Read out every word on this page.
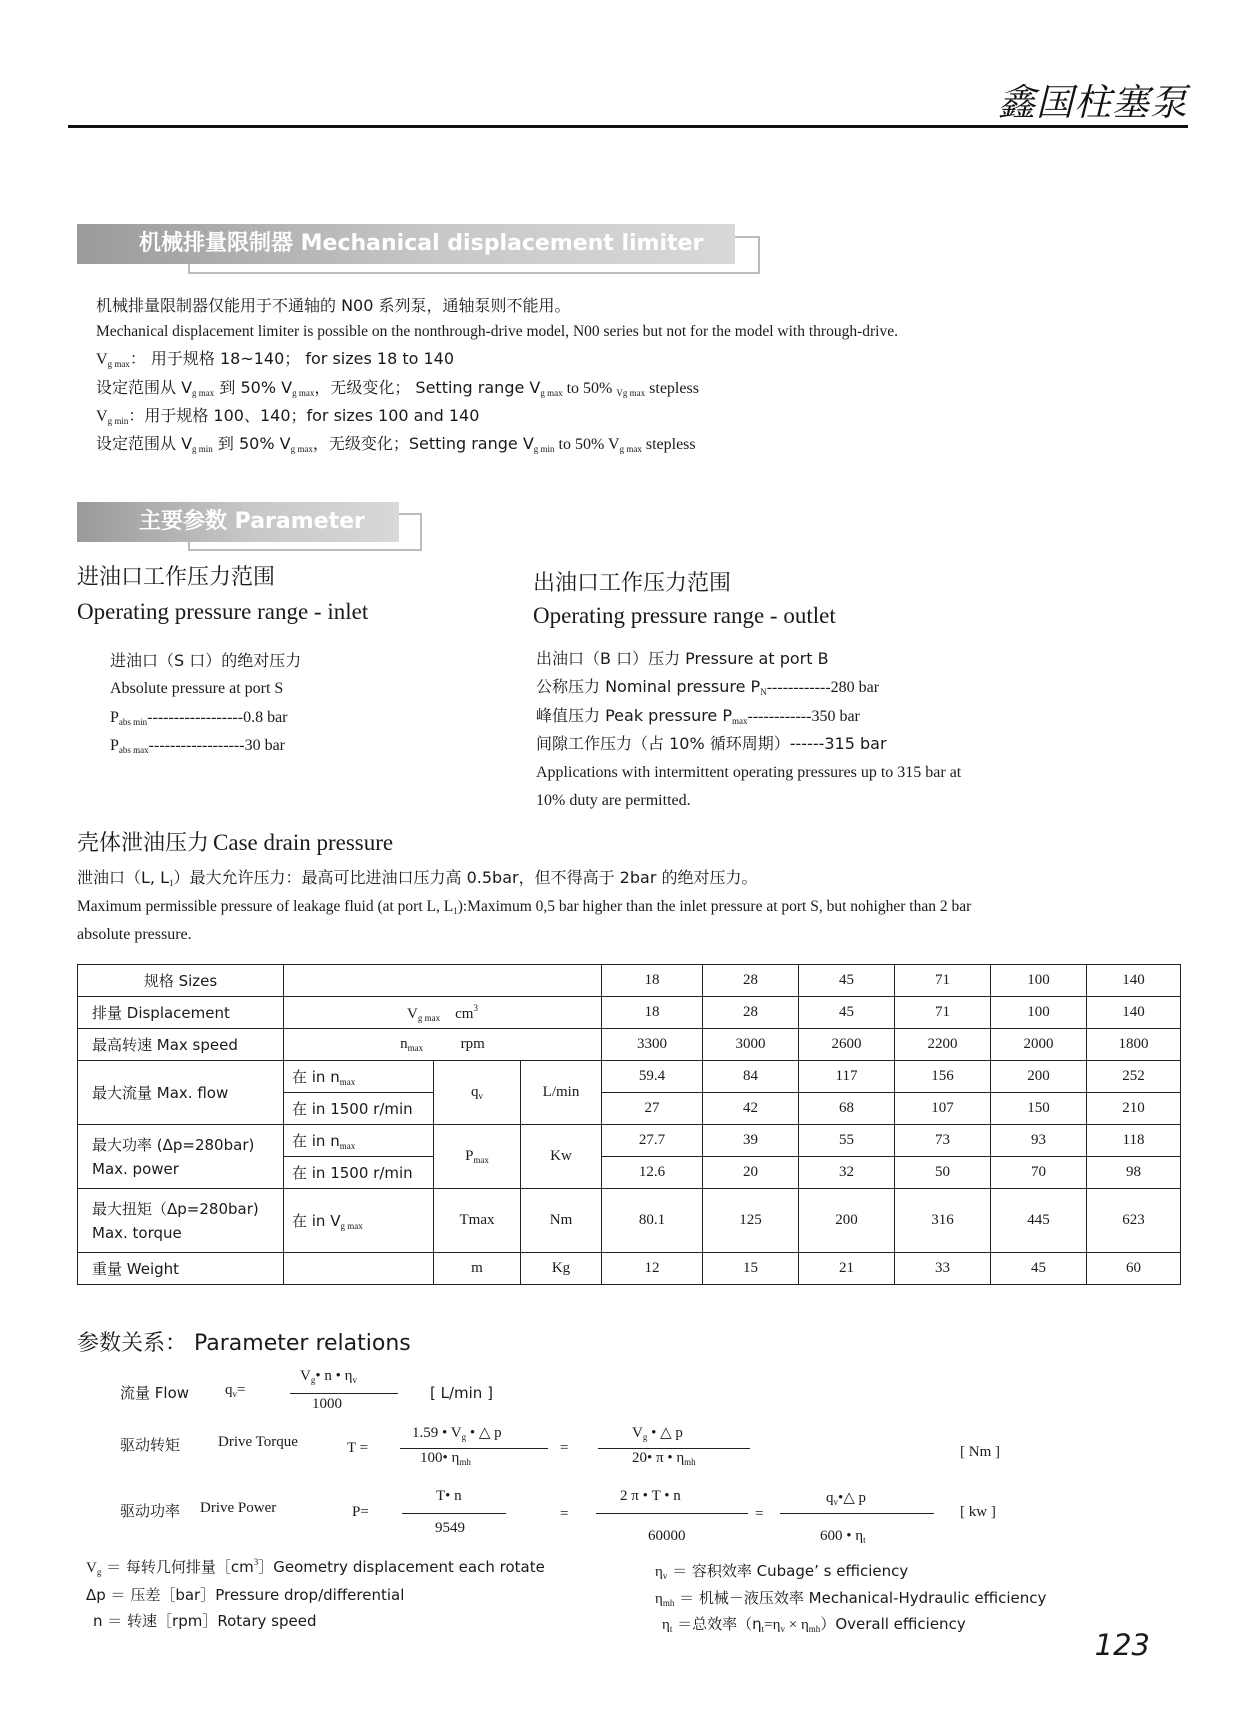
鑫国柱塞泵
机械排量限制器 Mechanical displacement limiter
机械排量限制器仅能用于不通轴的 N00 系列泵，通轴泵则不能用。
Mechanical displacement limiter is possible on the nonthrough-drive model, N00 series but not for the model with through-drive.
$V_{g max}$： 用于规格 18~140； for sizes 18 to 140
设定范围从 $V_{g max}$ 到 50% $V_{g max}$，无级变化； Setting range $V_{g max}$ to 50% $_{Vg max}$ stepless
$V_{g min}$：用于规格 100、140；for sizes 100 and 140
设定范围从 $V_{g min}$ 到 50% $V_{g max}$，无级变化；Setting range $V_{g min}$ to 50% $V_{g max}$ stepless
主要参数 Parameter
进油口工作压力范围
Operating pressure range - inlet
进油口（S 口）的绝对压力
Absolute pressure at port S
$P_{abs min}------------------0.8$ bar
$P_{abs max}------------------30$ bar
出油口工作压力范围
Operating pressure range - outlet
出油口（B 口）压力 Pressure at port B
公称压力 Nominal pressure $P_N------------280$ bar
峰值压力 Peak pressure $P_{max}------------350$ bar
间隙工作压力（占 10% 循环周期）------315 bar
Applications with intermittent operating pressures up to 315 bar at
10% duty are permitted.
壳体泄油压力 Case drain pressure
泄油口（L, $L_1$）最大允许压力：最高可比进油口压力高 0.5bar，但不得高于 2bar 的绝对压力。
Maximum permissible pressure of leakage fluid (at port L, $L_1):Maximum$ 0,5 bar higher than the inlet pressure at port S, but nohigher than 2 bar
absolute pressure.
规格 Sizes				18	28	45	71	100	140
排量 Displacement	$V_{g max}$ $cm^3$			18	28	45	71	100	140
最高转速 Max speed	$n_{max}$ rpm			3300	3000	2600	2200	2000	1800
最大流量 Max. flow	在 in $n_{max}$	$q_v$	L/min	59.4	84	117	156	200	252
	在 in 1500 r/min			27	42	68	107	150	210

最大功率 (Δp=280bar)
Max. power	在 in $n_{max}$	$P_{max}$	Kw	27.7	39	55	73	93	118
	在 in 1500 r/min			12.6	20	32	50	70	98

最大扭矩（Δp=280bar)
Max. torque	在 in $V_{g max}$	Tmax	Nm	80.1	125	200	316	445	623
重量 Weight		m	Kg	12	15	21	33	45	60
参数关系： Parameter relations
流量 Flow $q_v=$
$V_g•$ n • $\eta_v$
1000
[ L/min ]
驱动转矩	Drive Torque	T =
1.59 • $V_g$ • △ p
100• $\eta_{mh}$
=
$V_g$ • △ p
20• π • $\eta_{mh}$
[ Nm ]
驱动功率 Drive Power	P=
T• n
9549
=
2 π • T • n
60000
=
$q_v•\triangle$ p
600 • $\eta_t$
[ kw ]
$V_g$ ＝ 每转几何排量$[cm^3]Geometry$ displacement each rotate
Δp ＝ 压差［bar］Pressure drop/differential
n ＝ 转速［rpm］Rotary speed
$\eta_v$ ＝ 容积效率 Cubage’ s efficiency
$\eta_{mh}$ ＝ 机械－液压效率 Mechanical-Hydraulic efficiency
$\eta_t$ ＝总效率（$\eta_t=\eta_v$ × $\eta_{mh})Overall$ efficiency
123
